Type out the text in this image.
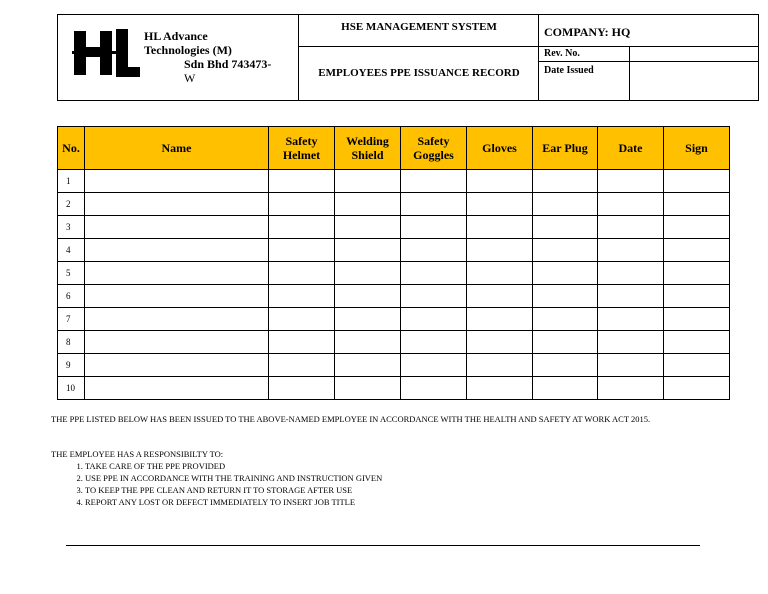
HL Advance
Technologies (M)
Sdn Bhd 743473-
W
HSE MANAGEMENT SYSTEM
EMPLOYEES PPE ISSUANCE RECORD
COMPANY: HQ
Rev. No.
Date Issued
No.	Name	Safety Helmet	Welding Shield	Safety Goggles	Gloves	Ear Plug	Date	Sign
1								
2								
3								
4								
5								
6								
7								
8								
9								
10								
THE PPE LISTED BELOW HAS BEEN ISSUED TO THE ABOVE-NAMED EMPLOYEE IN ACCORDANCE WITH THE HEALTH AND SAFETY AT WORK ACT 2015.
THE EMPLOYEE HAS A RESPONSIBILTY TO:
1. TAKE CARE OF THE PPE PROVIDED
2. USE PPE IN ACCORDANCE WITH THE TRAINING AND INSTRUCTION GIVEN
3. TO KEEP THE PPE CLEAN AND RETURN IT TO STORAGE AFTER USE
4. REPORT ANY LOST OR DEFECT IMMEDIATELY TO INSERT JOB TITLE
